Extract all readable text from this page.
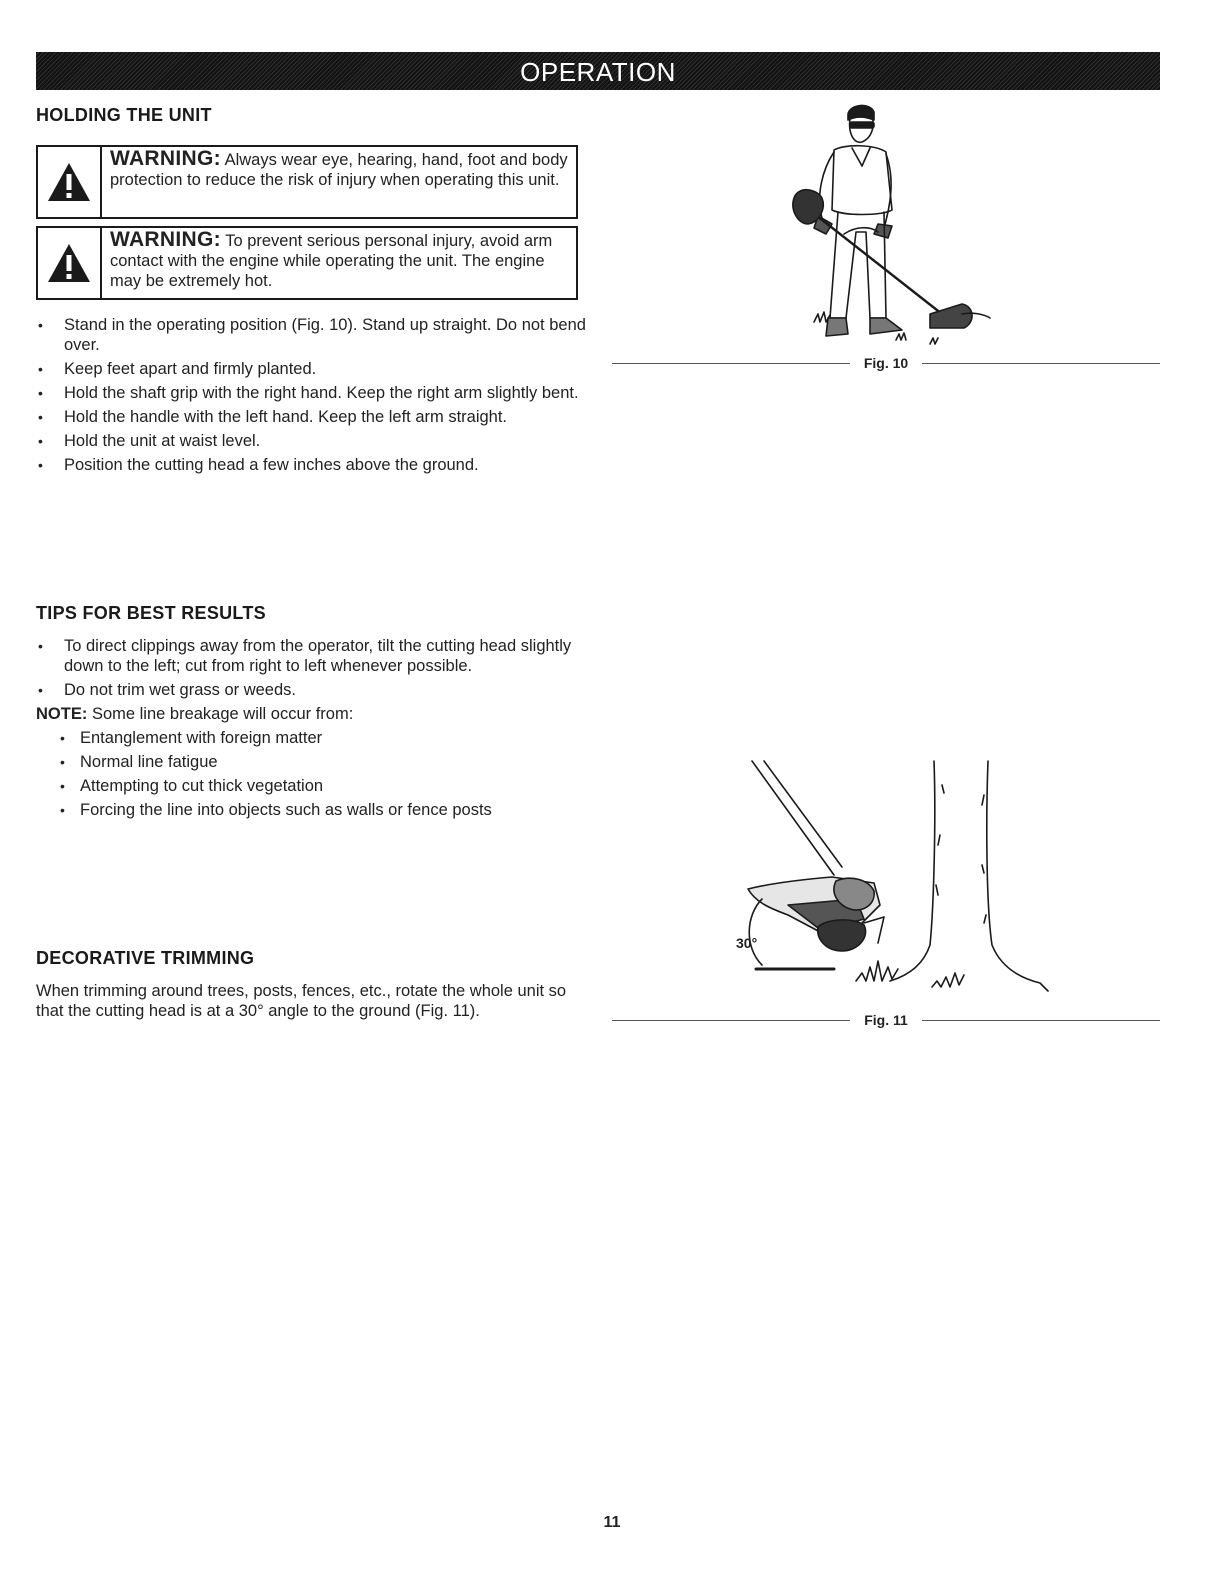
OPERATION
HOLDING THE UNIT
WARNING: Always wear eye, hearing, hand, foot and body protection to reduce the risk of injury when operating this unit.
WARNING: To prevent serious personal injury, avoid arm contact with the engine while operating the unit. The engine may be extremely hot.
• Stand in the operating position (Fig. 10). Stand up straight. Do not bend over.
• Keep feet apart and firmly planted.
• Hold the shaft grip with the right hand. Keep the right arm slightly bent.
• Hold the handle with the left hand. Keep the left arm straight.
• Hold the unit at waist level.
• Position the cutting head a few inches above the ground.
TIPS FOR BEST RESULTS
• To direct clippings away from the operator, tilt the cutting head slightly down to the left; cut from right to left whenever possible.
• Do not trim wet grass or weeds.

NOTE: Some line breakage will occur from:

• Entanglement with foreign matter
• Normal line fatigue
• Attempting to cut thick vegetation
• Forcing the line into objects such as walls or fence posts
DECORATIVE TRIMMING

When trimming around trees, posts, fences, etc., rotate the whole unit so that the cutting head is at a 30° angle to the ground (Fig. 11).

Fig. 10
30°
Fig. 11
11
